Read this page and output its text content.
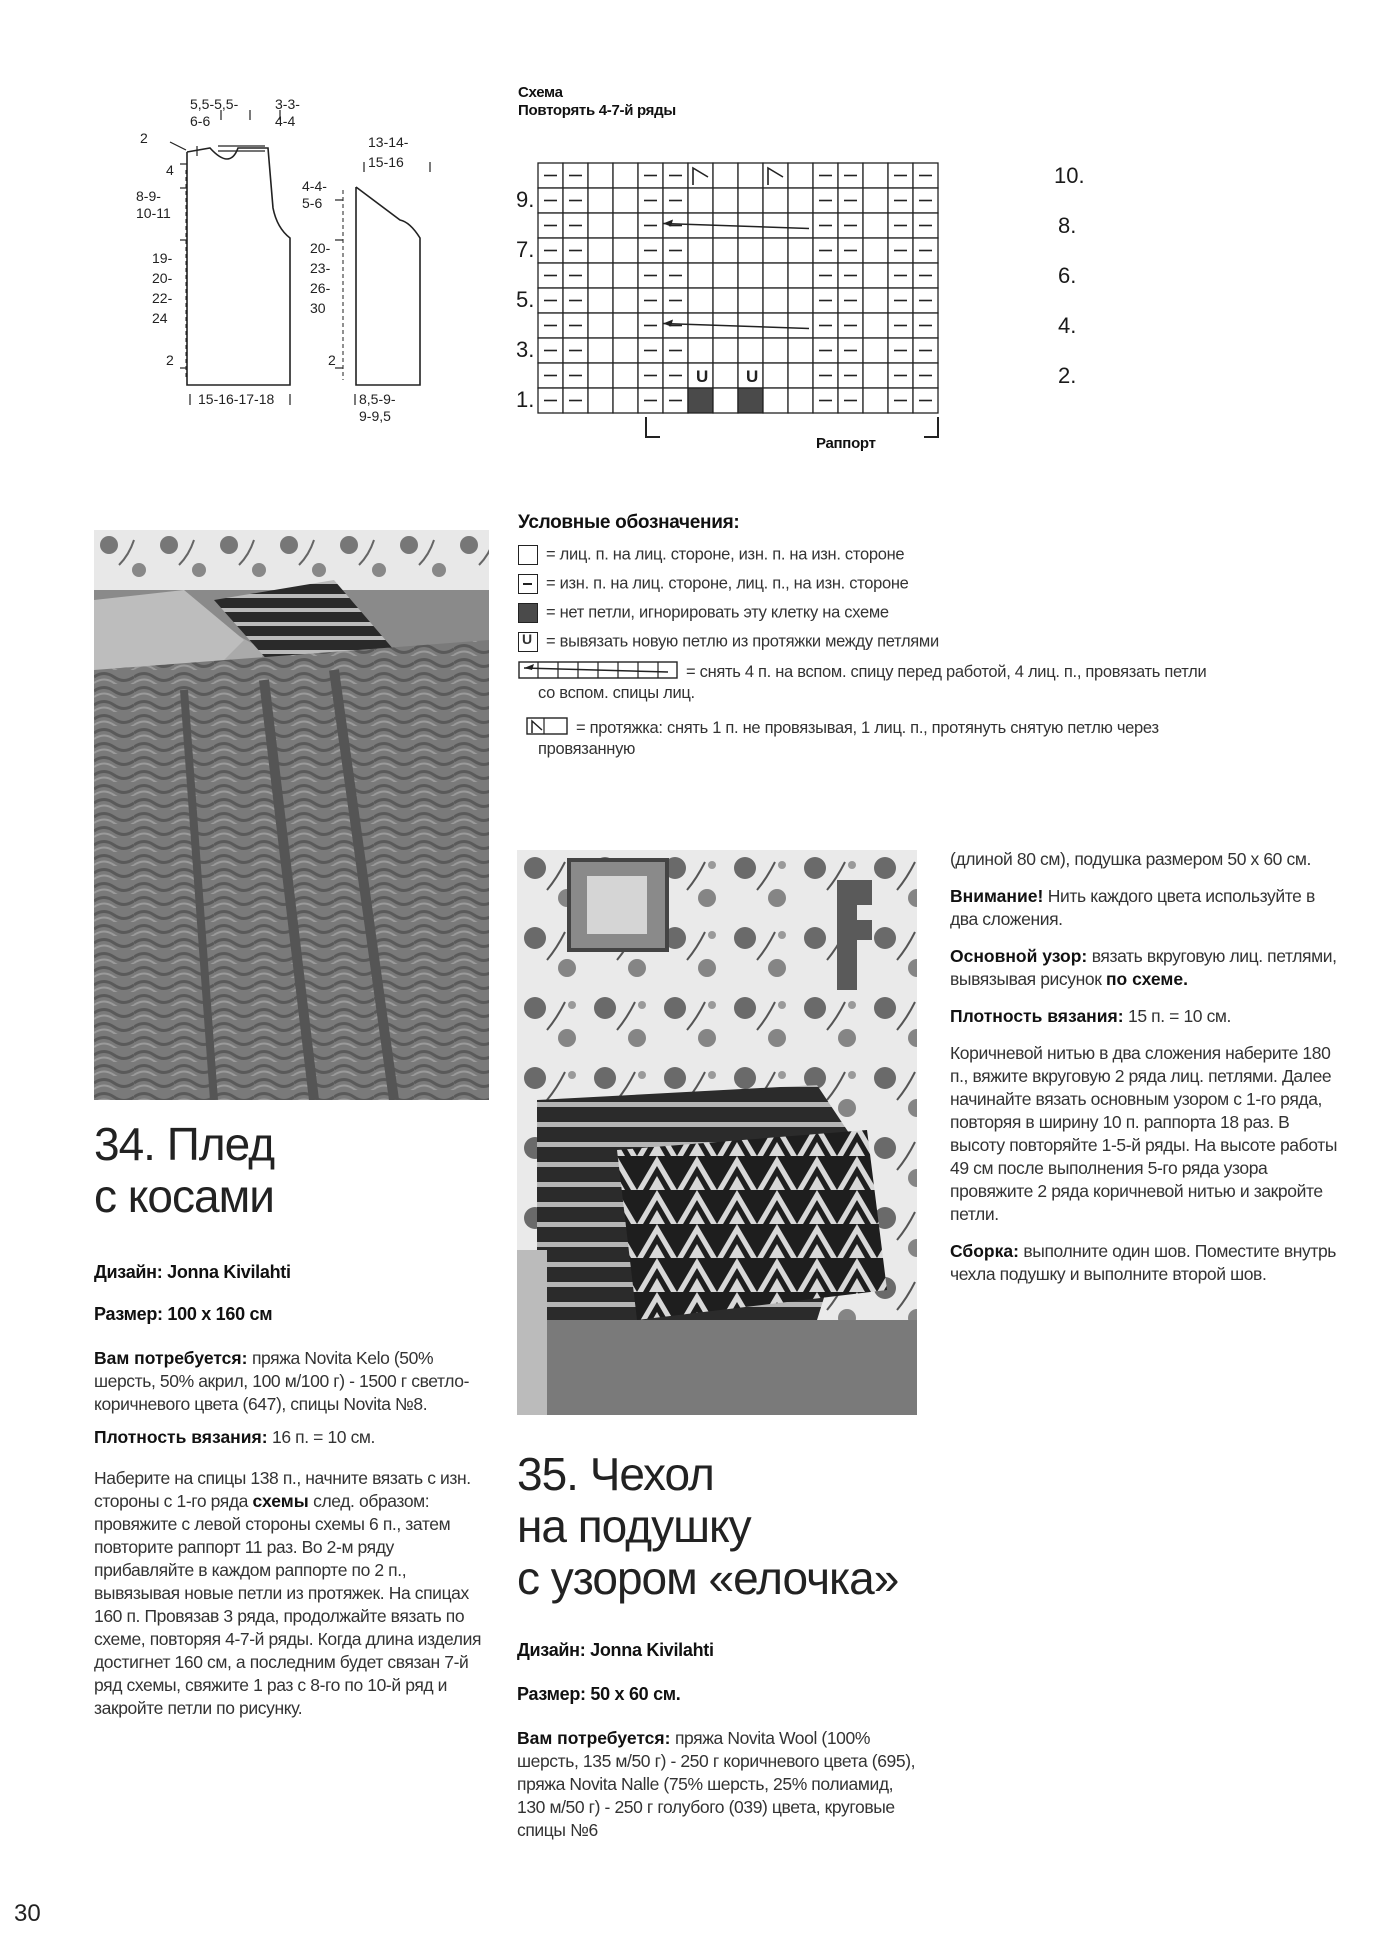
5,5-5,5-
6-6
3-3-
4-4
2
4
8-9-
10-11
19-
20-
22-
24
2
15-16-17-18
13-14-
15-16
4-4-
5-6
20-
23-
26-
30
2
8,5-9-
9-9,5
Схема
Повторять 4-7-й ряды
U U
9.
7.
5.
3.
1.
10.
8.
6.
4.
2.
Раппорт
Условные обозначения:
= лиц. п. на лиц. стороне, изн. п. на изн. стороне
= изн. п. на лиц. стороне, лиц. п., на изн. стороне
= нет петли, игнорировать эту клетку на схеме
U = вывязать новую петлю из протяжки между петлями
= снять 4 п. на вспом. спицу перед работой, 4 лиц. п., провязать петли
со вспом. спицы лиц.
= протяжка: снять 1 п. не провязывая, 1 лиц. п., протянуть снятую петлю через
провязанную
34. Плед
с косами
Дизайн: Jonna Kivilahti
Размер: 100 х 160 см

Вам потребуется: пряжа Novita Kelo (50% шерсть, 50% акрил, 100 м/100 г) - 1500 г светло-коричневого цвета (647), спицы Novita №8.

Плотность вязания: 16 п. = 10 см.

Наберите на спицы 138 п., начните вязать с изн. стороны с 1-го ряда схемы след. образом: провяжите с левой стороны схемы 6 п., затем повторите раппорт 11 раз. Во 2-м ряду прибавляйте в каждом раппорте по 2 п., вывязывая новые петли из протяжек. На спицах 160 п. Провязав 3 ряда, продолжайте вязать по схеме, повторяя 4-7-й ряды. Когда длина изделия достигнет 160 см, а последним будет связан 7-й ряд схемы, свяжите 1 раз с 8-го по 10-й ряд и закройте петли по рисунку.

35. Чехол
на подушку
с узором «елочка»
Дизайн: Jonna Kivilahti
Размер: 50 х 60 см.

Вам потребуется: пряжа Novita Wool (100% шерсть, 135 м/50 г) - 250 г коричневого цвета (695), пряжа Novita Nalle (75% шерсть, 25% полиамид, 130 м/50 г) - 250 г голубого (039) цвета, круговые спицы №6

(длиной 80 см), подушка размером 50 х 60 см.

Внимание! Нить каждого цвета используйте в два сложения.

Основной узор: вязать вкруговую лиц. петлями, вывязывая рисунок по схеме.

Плотность вязания: 15 п. = 10 см.

Коричневой нитью в два сложения наберите 180 п., вяжите вкруговую 2 ряда лиц. петлями. Далее начинайте вязать основным узором с 1-го ряда, повторяя в ширину 10 п. раппорта 18 раз. В высоту повторяйте 1-5-й ряды. На высоте работы 49 см после выполнения 5-го ряда узора провяжите 2 ряда коричневой нитью и закройте петли.

Сборка: выполните один шов. Поместите внутрь чехла подушку и выполните второй шов.

30
